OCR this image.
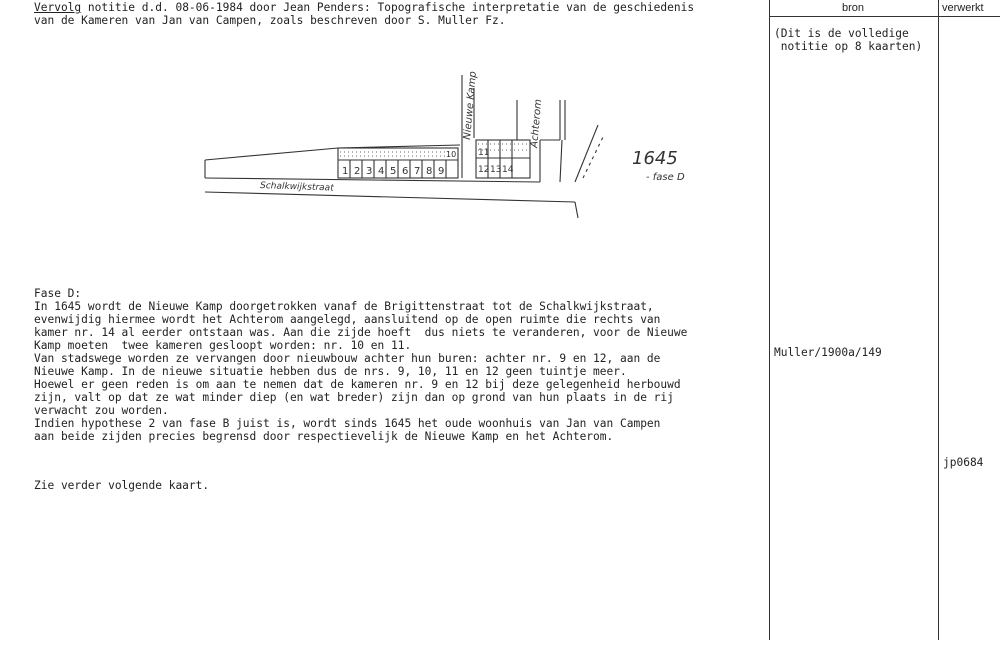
bron	verwerkt
Vervolg notitie d.d. 08-06-1984 door Jean Penders: Topografische interpretatie van de geschiedenis
van de Kameren van Jan van Campen, zoals beschreven door S. Muller Fz.
(Dit is de volledige
notitie op 8 kaarten)
1 2 3 4 5 6 7 8 9
10 11
12 13 14
Schalkwijkstraat
Nieuwe Kamp	Achterom
1645
- fase D
Fase D:
In 1645 wordt de Nieuwe Kamp doorgetrokken vanaf de Brigittenstraat tot de Schalkwijkstraat,
evenwijdig hiermee wordt het Achterom aangelegd, aansluitend op de open ruimte die rechts van
kamer nr. 14 al eerder ontstaan was. Aan die zijde hoeft  dus niets te veranderen, voor de Nieuwe
Kamp moeten  twee kameren gesloopt worden: nr. 10 en 11.
Van stadswege worden ze vervangen door nieuwbouw achter hun buren: achter nr. 9 en 12, aan de
Nieuwe Kamp. In de nieuwe situatie hebben dus de nrs. 9, 10, 11 en 12 geen tuintje meer.
Hoewel er geen reden is om aan te nemen dat de kameren nr. 9 en 12 bij deze gelegenheid herbouwd
zijn, valt op dat ze wat minder diep (en wat breder) zijn dan op grond van hun plaats in de rij
verwacht zou worden.
Indien hypothese 2 van fase B juist is, wordt sinds 1645 het oude woonhuis van Jan van Campen
aan beide zijden precies begrensd door respectievelijk de Nieuwe Kamp en het Achterom.
Zie verder volgende kaart.
Muller/1900a/149
jp0684
